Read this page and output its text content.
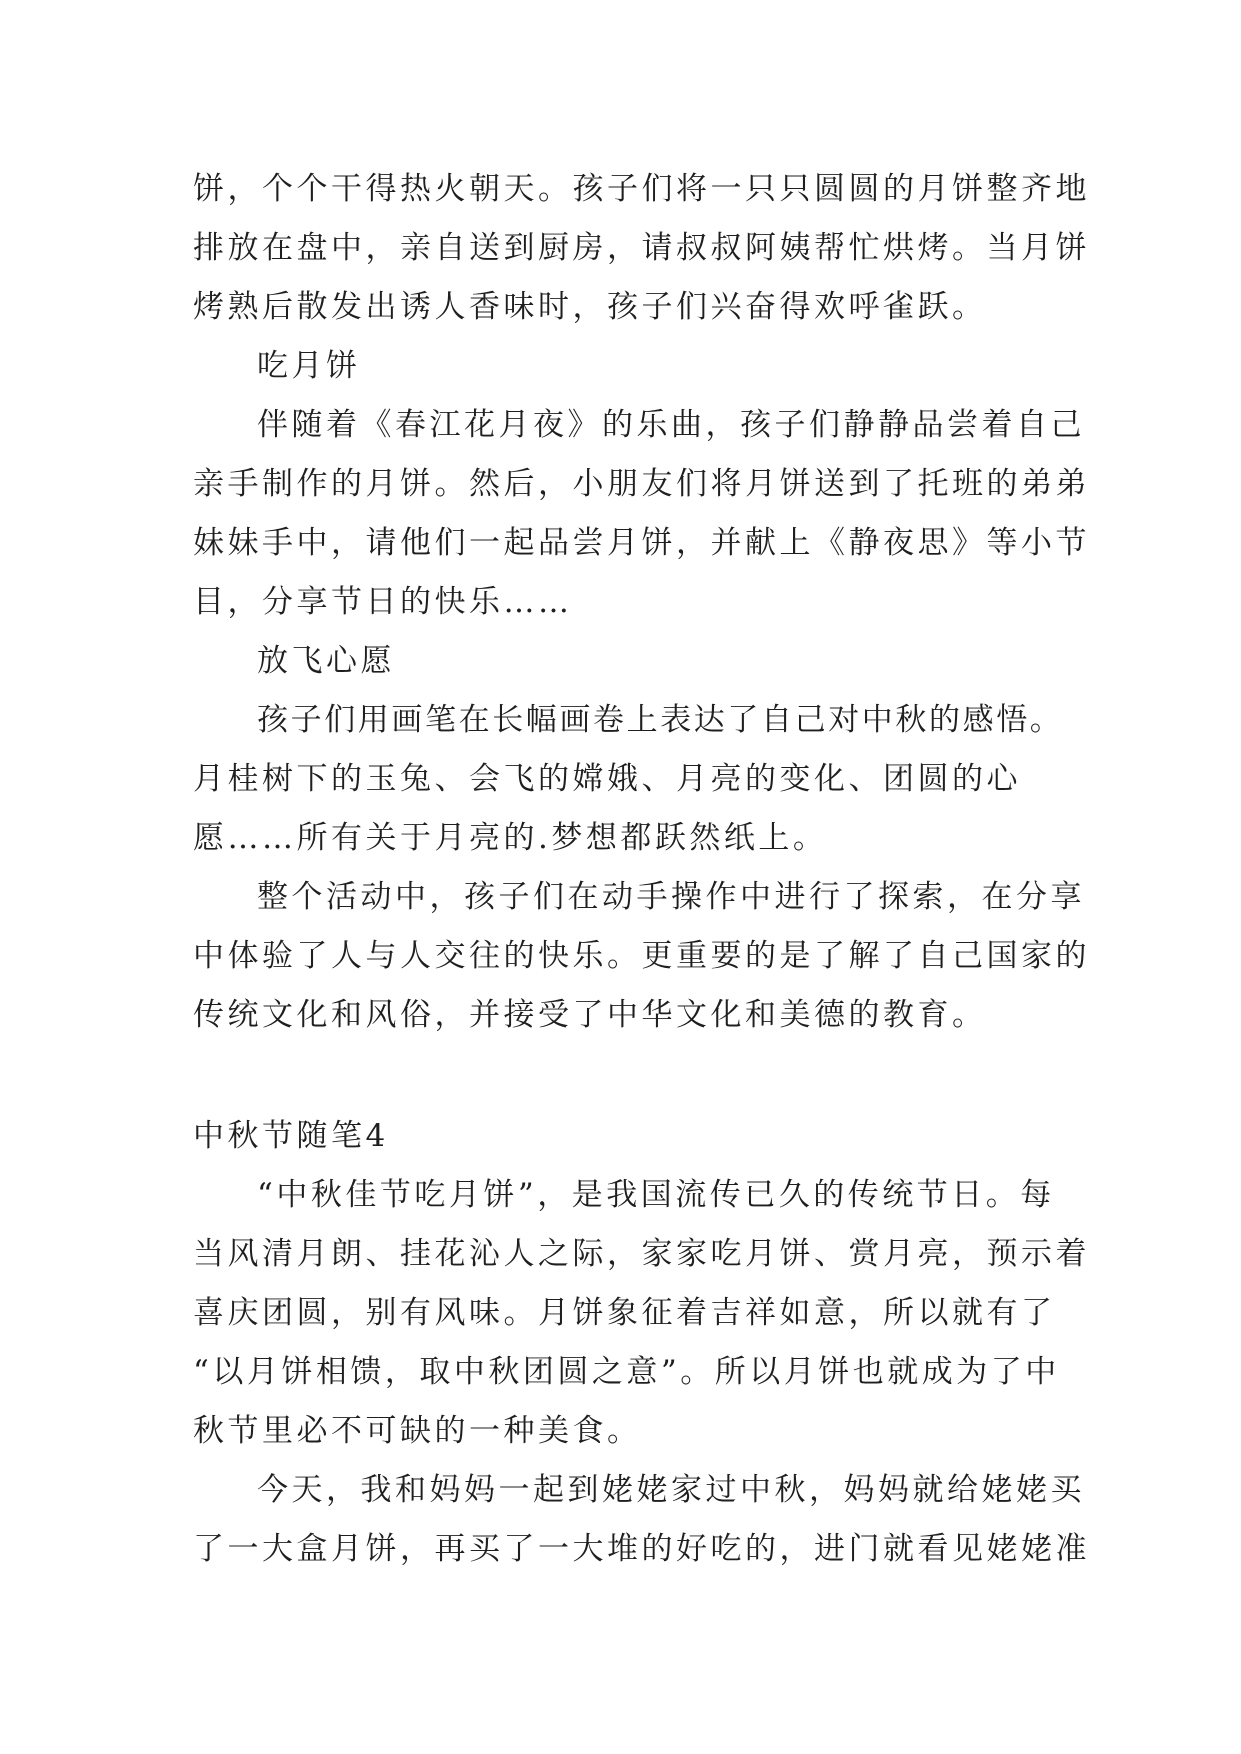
饼，个个干得热火朝天。孩子们将一只只圆圆的月饼整齐地
排放在盘中，亲自送到厨房，请叔叔阿姨帮忙烘烤。当月饼
烤熟后散发出诱人香味时，孩子们兴奋得欢呼雀跃。
吃月饼
伴随着《春江花月夜》的乐曲，孩子们静静品尝着自己
亲手制作的月饼。然后，小朋友们将月饼送到了托班的弟弟
妹妹手中，请他们一起品尝月饼，并献上《静夜思》等小节
目，分享节日的快乐……
放飞心愿
孩子们用画笔在长幅画卷上表达了自己对中秋的感悟。
月桂树下的玉兔、会飞的嫦娥、月亮的变化、团圆的心
愿……所有关于月亮的.梦想都跃然纸上。
整个活动中，孩子们在动手操作中进行了探索，在分享
中体验了人与人交往的快乐。更重要的是了解了自己国家的
传统文化和风俗，并接受了中华文化和美德的教育。
中秋节随笔4
“中秋佳节吃月饼”，是我国流传已久的传统节日。每
当风清月朗、挂花沁人之际，家家吃月饼、赏月亮，预示着
喜庆团圆，别有风味。月饼象征着吉祥如意，所以就有了
“以月饼相馈，取中秋团圆之意”。所以月饼也就成为了中
秋节里必不可缺的一种美食。
今天，我和妈妈一起到姥姥家过中秋，妈妈就给姥姥买
了一大盒月饼，再买了一大堆的好吃的，进门就看见姥姥准
